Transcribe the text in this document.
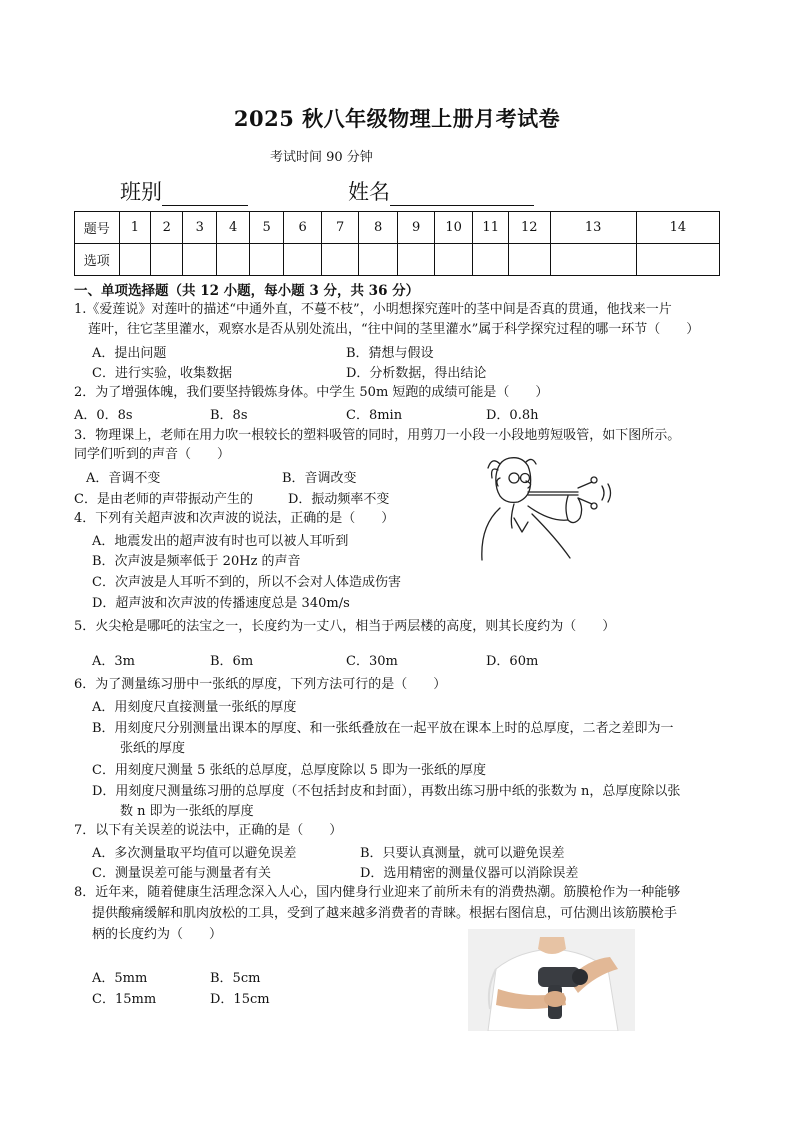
2025 秋八年级物理上册月考试卷
考试时间 90 分钟
班别	姓名
题号	1	2	3	4	5	6	7	8	9	10	11	12	13	14
选项														
一、单项选择题（共 12 小题，每小题 3 分，共 36 分）
1.《爱莲说》对莲叶的描述“中通外直，不蔓不枝”，小明想探究莲叶的茎中间是否真的贯通，他找来一片
莲叶，往它茎里灌水，观察水是否从别处流出，“往中间的茎里灌水”属于科学探究过程的哪一环节（　　）
A．提出问题	B．猜想与假设
C．进行实验，收集数据	D．分析数据，得出结论
2．为了增强体魄，我们要坚持锻炼身体。中学生 50m 短跑的成绩可能是（　　）
A．0．8s	B．8s	C．8min	D．0.8h
3．物理课上，老师在用力吹一根较长的塑料吸管的同时，用剪刀一小段一小段地剪短吸管，如下图所示。
同学们听到的声音（　　）
A．音调不变	B．音调改变
C．是由老师的声带振动产生的	D．振动频率不变
4．下列有关超声波和次声波的说法，正确的是（　　）
A．地震发出的超声波有时也可以被人耳听到
B．次声波是频率低于 20Hz 的声音
C．次声波是人耳听不到的，所以不会对人体造成伤害
D．超声波和次声波的传播速度总是 340m/s
5．火尖枪是哪吒的法宝之一，长度约为一丈八，相当于两层楼的高度，则其长度约为（　　）
A．3m	B．6m	C．30m	D．60m
6．为了测量练习册中一张纸的厚度，下列方法可行的是（　　）
A．用刻度尺直接测量一张纸的厚度
B．用刻度尺分别测量出课本的厚度、和一张纸叠放在一起平放在课本上时的总厚度，二者之差即为一
张纸的厚度
C．用刻度尺测量 5 张纸的总厚度，总厚度除以 5 即为一张纸的厚度
D．用刻度尺测量练习册的总厚度（不包括封皮和封面），再数出练习册中纸的张数为 n，总厚度除以张
数 n 即为一张纸的厚度
7．以下有关误差的说法中，正确的是（　　）
A．多次测量取平均值可以避免误差	B．只要认真测量，就可以避免误差
C．测量误差可能与测量者有关	D．选用精密的测量仪器可以消除误差
8．近年来，随着健康生活理念深入人心，国内健身行业迎来了前所未有的消费热潮。筋膜枪作为一种能够
提供酸痛缓解和肌肉放松的工具，受到了越来越多消费者的青睐。根据右图信息，可估测出该筋膜枪手
柄的长度约为（　　）
A．5mm	B．5cm
C．15mm	D．15cm
